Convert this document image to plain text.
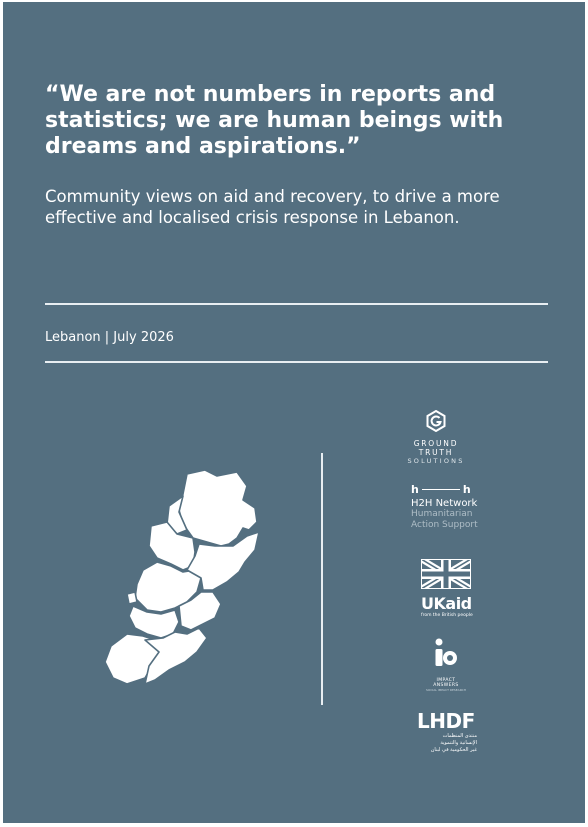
“We are not numbers in reports and statistics; we are human beings with dreams and aspirations.”

Community views on aid and recovery, to drive a more effective and localised crisis response in Lebanon.

Lebanon | July 2026
GROUND TRUTH
SOLUTIONS
h	h
H2H Network
Humanitarian
Action Support
UKaid
from the British people
IMPACT ANSWERS
SOCIAL IMPACT RESEARCH
LHDF
منتدى المنظمات
الإنسانية والتنموية
غير الحكومية في لبنان
